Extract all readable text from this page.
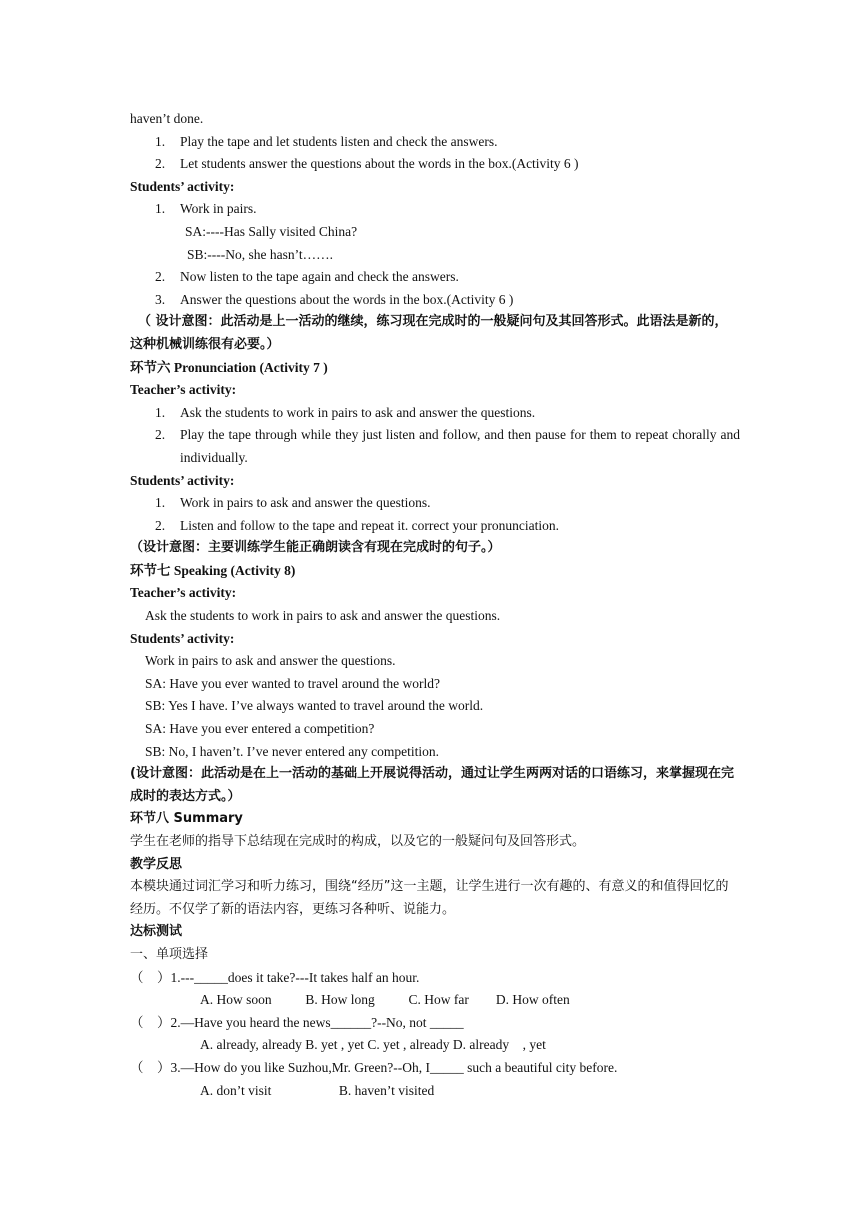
haven’t done.
1.	Play the tape and let students listen and check the answers.
2.	Let students answer the questions about the words in the box.(Activity 6 )
Students’ activity:
1.	Work in pairs.
SA:----Has Sally visited China?
SB:----No, she hasn’t…….
2.	Now listen to the tape again and check the answers.
3.	Answer the questions about the words in the box.(Activity 6 )
（ 设计意图：此活动是上一活动的继续，练习现在完成时的一般疑问句及其回答形式。此语法是新的，这种机械训练很有必要。）
环节六 Pronunciation (Activity 7 )
Teacher’s activity:
1.	Ask the students to work in pairs to ask and answer the questions.
2.	Play the tape through while they just listen and follow, and then pause for them to repeat chorally and individually.
Students’ activity:
1.	Work in pairs to ask and answer the questions.
2.	Listen and follow to the tape and repeat it. correct your pronunciation.
（设计意图：主要训练学生能正确朗读含有现在完成时的句子。）
环节七 Speaking (Activity 8)
Teacher’s activity:
Ask the students to work in pairs to ask and answer the questions.
Students’ activity:
Work in pairs to ask and answer the questions.
SA: Have you ever wanted to travel around the world?
SB: Yes I have. I’ve always wanted to travel around the world.
SA: Have you ever entered a competition?
SB: No, I haven’t. I’ve never entered any competition.
(设计意图：此活动是在上一活动的基础上开展说得活动，通过让学生两两对话的口语练习，来掌握现在完成时的表达方式。）
环节八 Summary
学生在老师的指导下总结现在完成时的构成，以及它的一般疑问句及回答形式。
教学反思
本模块通过词汇学习和听力练习，围绕“经历”这一主题，让学生进行一次有趣的、有意义的和值得回忆的经历。不仅学了新的语法内容，更练习各种听、说能力。
达标测试
一、单项选择
（    ）1.---_____does it take?---It takes half an hour.
A. How soon          B. How long          C. How far        D. How often
（    ）2.—Have you heard the news______?--No, not _____
A. already, already B. yet , yet C. yet , already D. already    , yet
（    ）3.—How do you like Suzhou,Mr. Green?--Oh, I_____ such a beautiful city before.
A. don’t visit                    B. haven’t visited
